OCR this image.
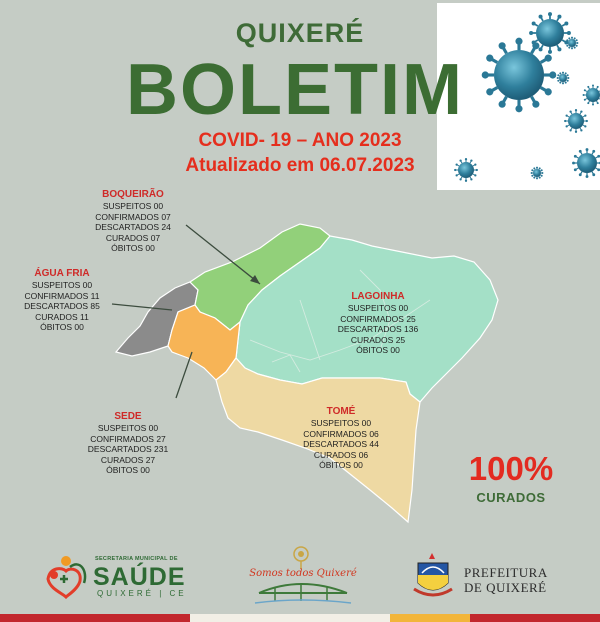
QUIXERÉ
BOLETIM
COVID- 19 – ANO 2023
Atualizado em 06.07.2023
BOQUEIRÃO
SUSPEITOS 00
CONFIRMADOS 07
DESCARTADOS 24
CURADOS 07
ÓBITOS 00
ÁGUA FRIA
SUSPEITOS 00
CONFIRMADOS 11
DESCARTADOS 85
CURADOS 11
ÓBITOS 00
LAGOINHA
SUSPEITOS 00
CONFIRMADOS 25
DESCARTADOS 136
CURADOS 25
ÓBITOS 00
SEDE
SUSPEITOS 00
CONFIRMADOS 27
DESCARTADOS 231
CURADOS 27
ÓBITOS 00
TOMÉ
SUSPEITOS 00
CONFIRMADOS 06
DESCARTADOS 44
CURADOS 06
ÓBITOS 00	100%
CURADOS
SECRETARIA MUNICIPAL DE
SAÚDE
QUIXERÉ | CE
Somos todos Quixeré	PREFEITURA
DE QUIXERÉ
